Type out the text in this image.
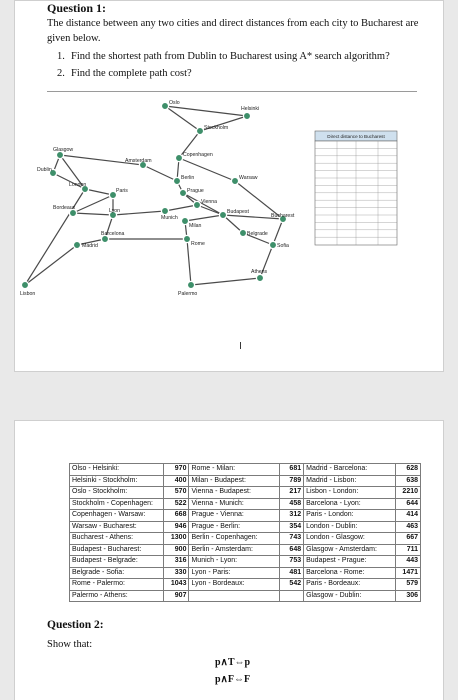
Question 1:

The distance between any two cities and direct distances from each city to Bucharest are given below.

1. Find the shortest path from Dublin to Bucharest using A* search algorithm?
2. Find the complete path cost?
Oslo
Helsinki
Stockholm
Glasgow
Amsterdam
Copenhagen
Dublin
Berlin	Warsaw
London
Paris	Prague
Vienna
Bordeaux	Lyon
Munich
Budapest
Bucharest
Milan
Belgrade
Barcelona
Madrid	Rome	Sofia
Athens
Lisbon	Palermo
Direct distance to Bucharest
I
Olso - Helsinki:	970	Rome - Milan:	681	Madrid - Barcelona:	628
Helsinki - Stockholm:	400	Milan - Budapest:	789	Madrid - Lisbon:	638
Oslo - Stockholm:	570	Vienna - Budapest:	217	Lisbon - London:	2210
Stockholm - Copenhagen:	522	Vienna - Munich:	458	Barcelona - Lyon:	644
Copenhagen - Warsaw:	668	Prague - Vienna:	312	Paris - London:	414
Warsaw - Bucharest:	946	Prague - Berlin:	354	London - Dublin:	463
Bucharest - Athens:	1300	Berlin - Copenhagen:	743	London - Glasgow:	667
Budapest - Bucharest:	900	Berlin - Amsterdam:	648	Glasgow - Amsterdam:	711
Budapest - Belgrade:	316	Munich - Lyon:	753	Budapest - Prague:	443
Belgrade - Sofia:	330	Lyon - Paris:	481	Barcelona - Rome:	1471
Rome - Palermo:	1043	Lyon - Bordeaux:	542	Paris - Bordeaux:	579
Palermo - Athens:	907			Glasgow - Dublin:	306

Question 2:

Show that:

p∧T⇔p

p∧F⇔F
